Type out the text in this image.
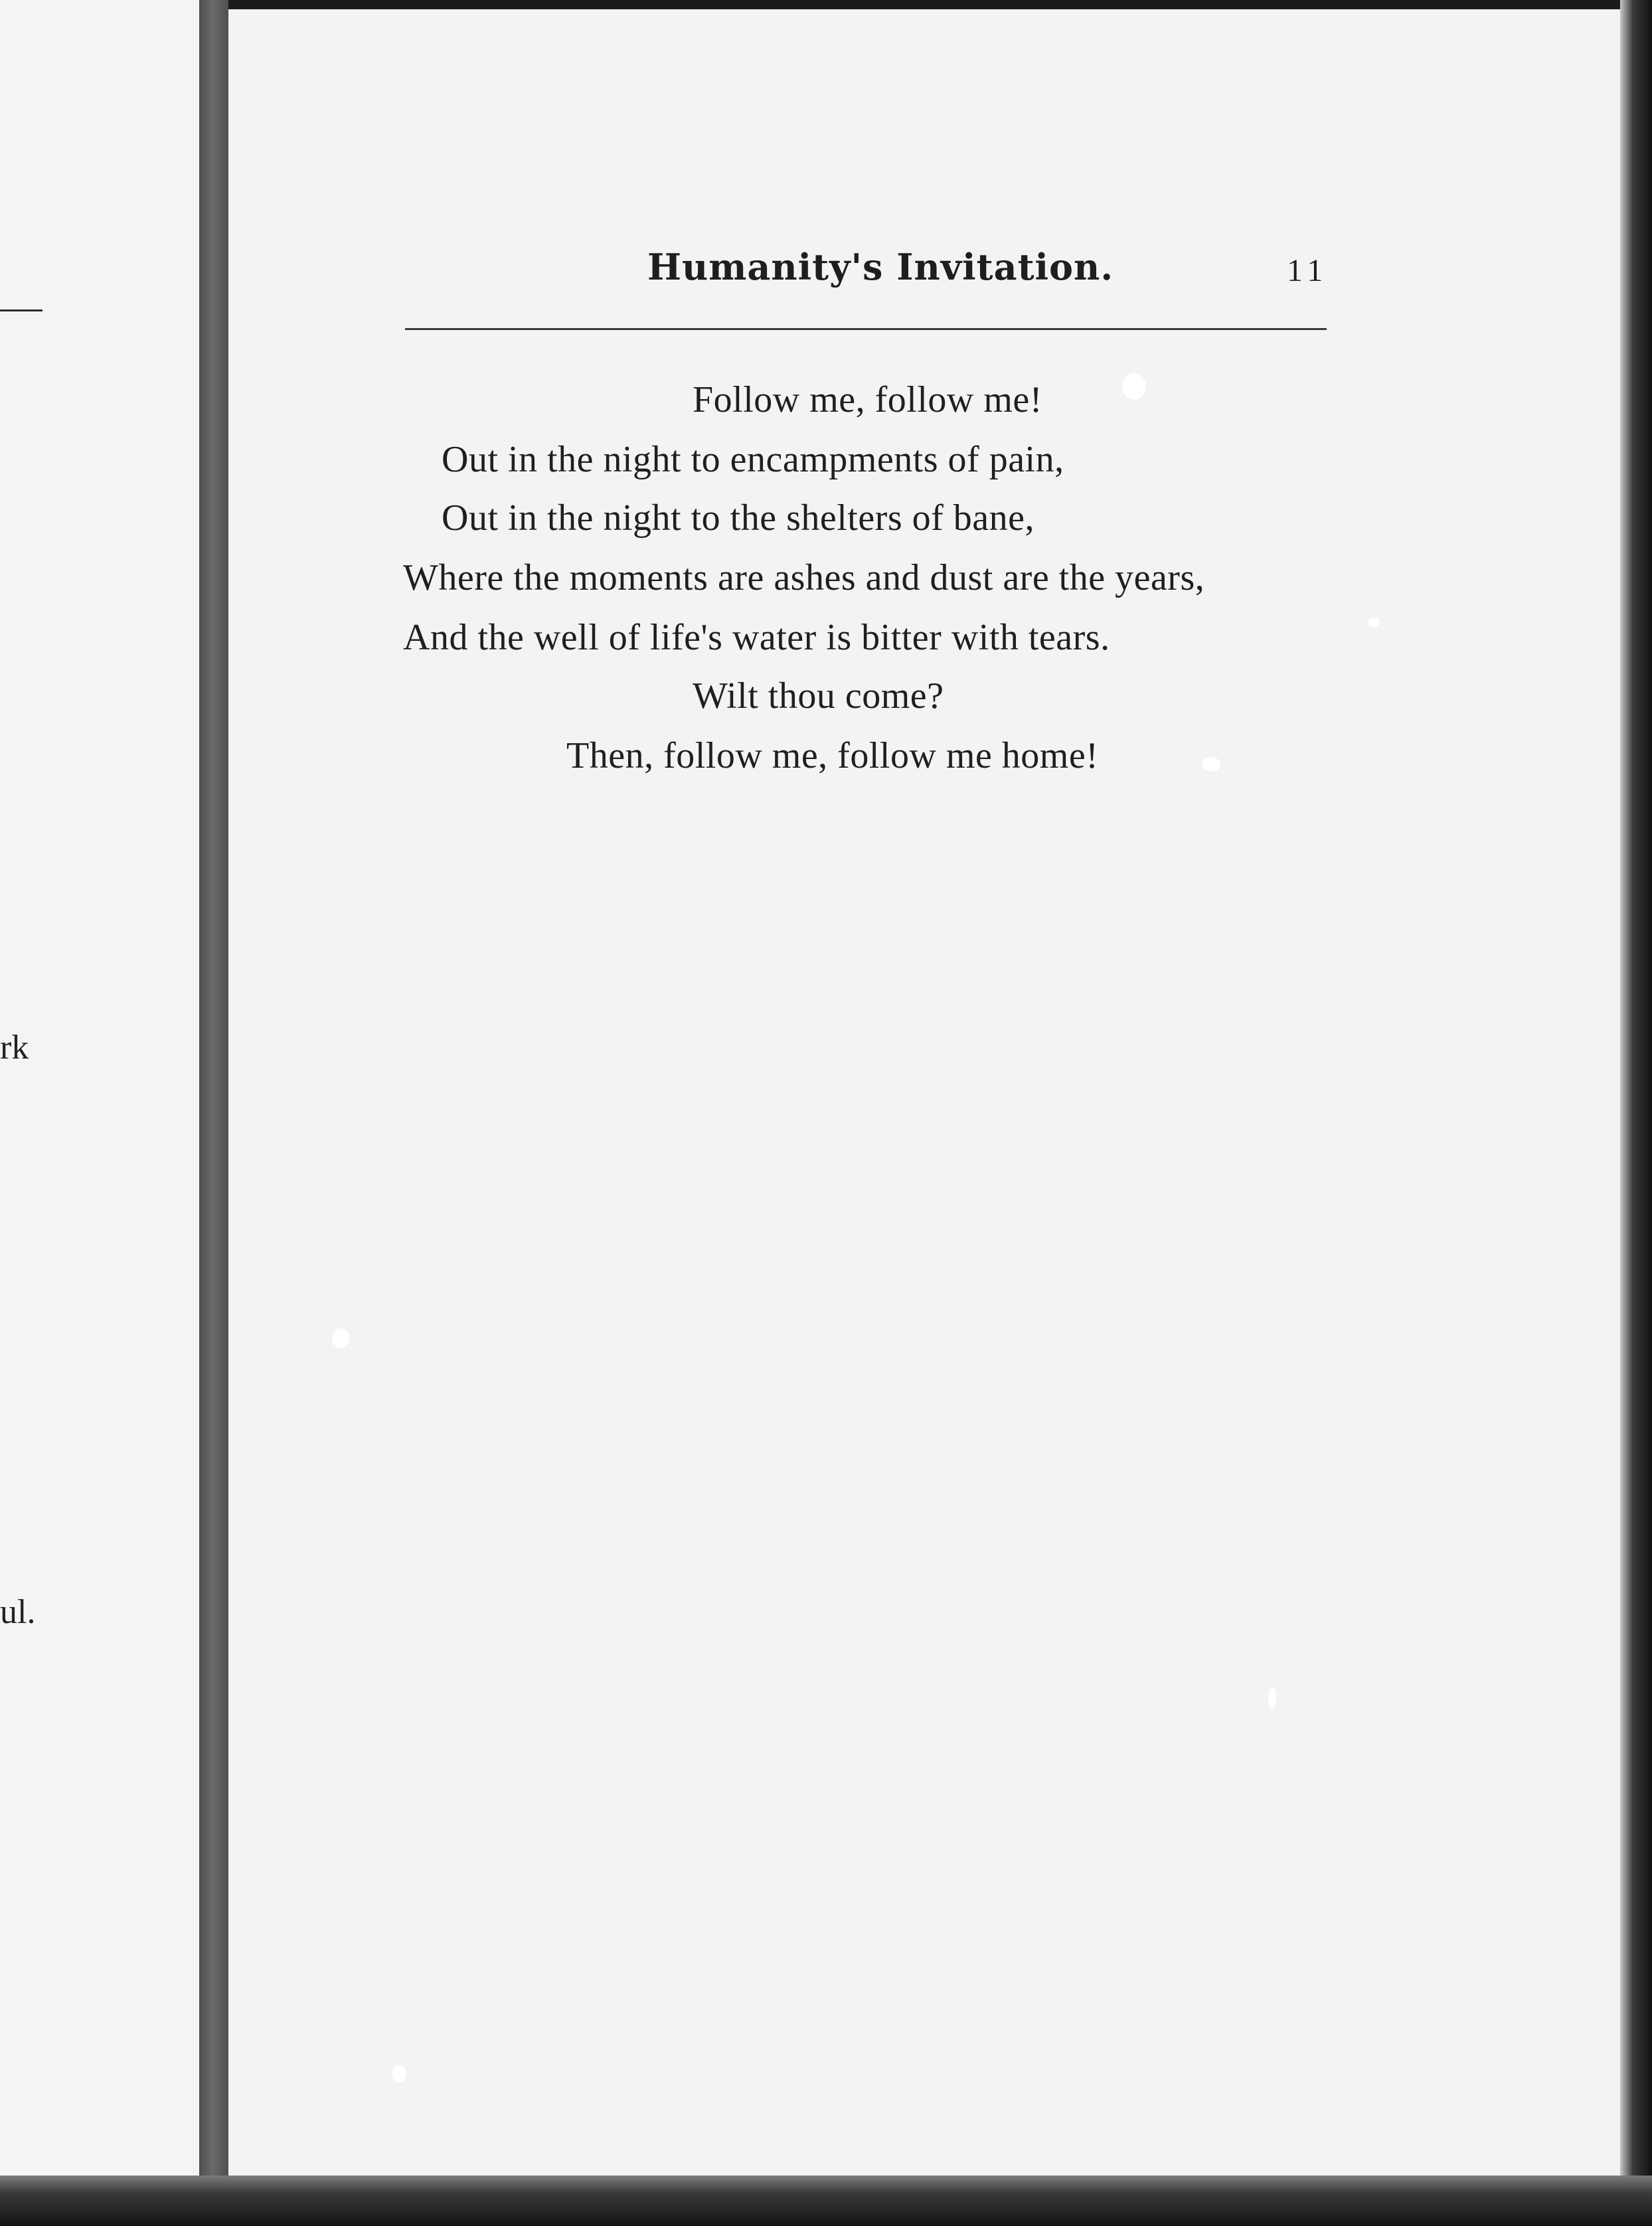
rk
ul.
Humanity's Invitation.	11
Follow me, follow me!
Out in the night to encampments of pain,
Out in the night to the shelters of bane,
Where the moments are ashes and dust are the years,
And the well of life's water is bitter with tears.
Wilt thou come?
Then, follow me, follow me home!
